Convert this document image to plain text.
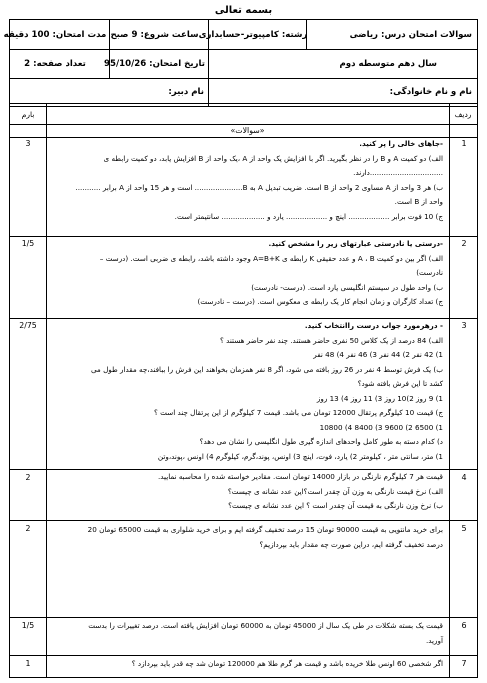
بسمه تعالی
سوالات امتحان درس: ریاضی
رشته: کامپیوتر-حسابداری
ساعت شروع: 9 صبح
مدت امتحان: 100 دقیقه
سال دهم متوسطه دوم
تاریخ امتحان: 95/10/26
تعداد صفحه: 2
نام و نام خانوادگی:
نام دبیر:
ردیف
بارم
«سوالات»
1
3	-جاهای خالی را پر کنید.

الف) دو کمیت A و B را در نظر بگیرید. اگر با افزایش یک واحد از A ،یک واحد از B افزایش یابد، دو کمیت رابطه ی

................................دارند.

ب) هر 3 واحد از A مساوی 2 واحد از B است. ضریب تبدیل A به B..................... است و هر 15 واحد از A برابر ...........

واحد از B است.

ج) 10 فوت برابر .................. اینچ و .................. یارد و ................... سانتیمتر است.

2
1/5	-درستی یا نادرستی عبارتهای زیر را مشخص کنید.

الف) اگر بین دو کمیت A ، B و عدد حقیقی K رابطه ی A=B+K وجود داشته باشد، رابطه ی ضربی است. (درست –

نادرست)

ب) واحد طول در سیستم انگلیسی یارد است. (درست- نادرست)

ج) تعداد کارگران و زمان انجام کار یک رابطه ی معکوس است. (درست – نادرست)

3
2/75	- درهرمورد جواب درست راانتخاب کنید.

الف) 84 درصد از یک کلاس 50 نفری حاضر هستند. چند نفر حاضر هستند ؟

1) 42 نفر 2) 44 نفر 3) 46 نفر 4) 48 نفر

ب) یک فرش توسط 4 نفر در 26 روز بافته می شود، اگر 8 نفر همزمان بخواهند این فرش را ببافند،چه مقدار طول می

کشد تا این فرش بافته شود؟

1) 9 روز 2)10 روز 3) 11 روز 4) 13 روز

ج) قیمت 10 کیلوگرم پرتقال 12000 تومان می باشد. قیمت 7 کیلوگرم از این پرتقال چند است ؟

1) 6500 2) 9600 3) 8400 4) 10800

د) کدام دسته به طور کامل واحدهای اندازه گیری طول انگلیسی را نشان می دهد؟

1) متر، سانتی متر ، کیلومتر 2) یارد، فوت، اینچ 3) اونس، پوند،گرم، کیلوگرم 4) اونس ،پوند،وتن

4
2	قیمت هر 7 کیلوگرم نارنگی در بازار 14000 تومان است. مقادیر خواسته شده را محاسبه نمایید.

الف) نرخ قیمت نارنگی به وزن آن چقدر است؟این عدد نشانه ی چیست؟

ب) نرخ وزن نارنگی به قیمت آن چقدر است ؟ این عدد نشانه ی چیست؟

5
2	برای خرید مانتویی به قیمت 90000 تومان 15 درصد تخفیف گرفته ایم و برای خرید شلواری به قیمت 65000 تومان 20

درصد تخفیف گرفته ایم، دراین صورت چه مقدار باید بپردازیم؟

6
1/5	قیمت یک بسته شکلات در طی یک سال از 45000 تومان به 60000 تومان افزایش یافته است. درصد تغییرات را بدست

آورید.

7
1	اگر شخصی 60 اونس طلا خریده باشد و قیمت هر گرم طلا هم 120000 تومان شد چه قدر باید بپردازد ؟
